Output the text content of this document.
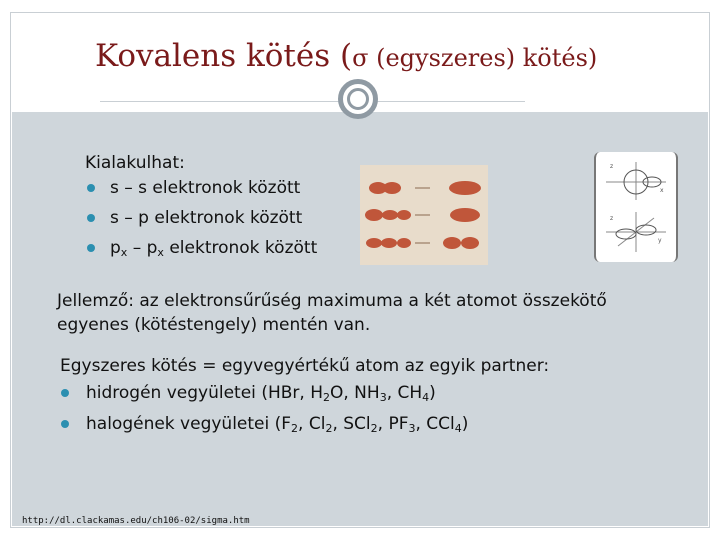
Kovalens kötés (σ (egyszeres) kötés)
Kialakulhat:
s – s elektronok között
s – p elektronok között
$p_x - p_x$ elektronok között
z
x
z
y
Jellemző: az elektronsűrűség maximuma a két atomot összekötő
egyenes (kötéstengely) mentén van.
Egyszeres kötés = egyvegyértékű atom az egyik partner:
hidrogén vegyületei (HBr, $H_2O$, $NH_3$, $CH_4$)
halogének vegyületei ($F_2$, $Cl_2$, SCl$_2$, $PF_3$, CCl$_4$)
http://dl.clackamas.edu/ch106-02/sigma.htm
